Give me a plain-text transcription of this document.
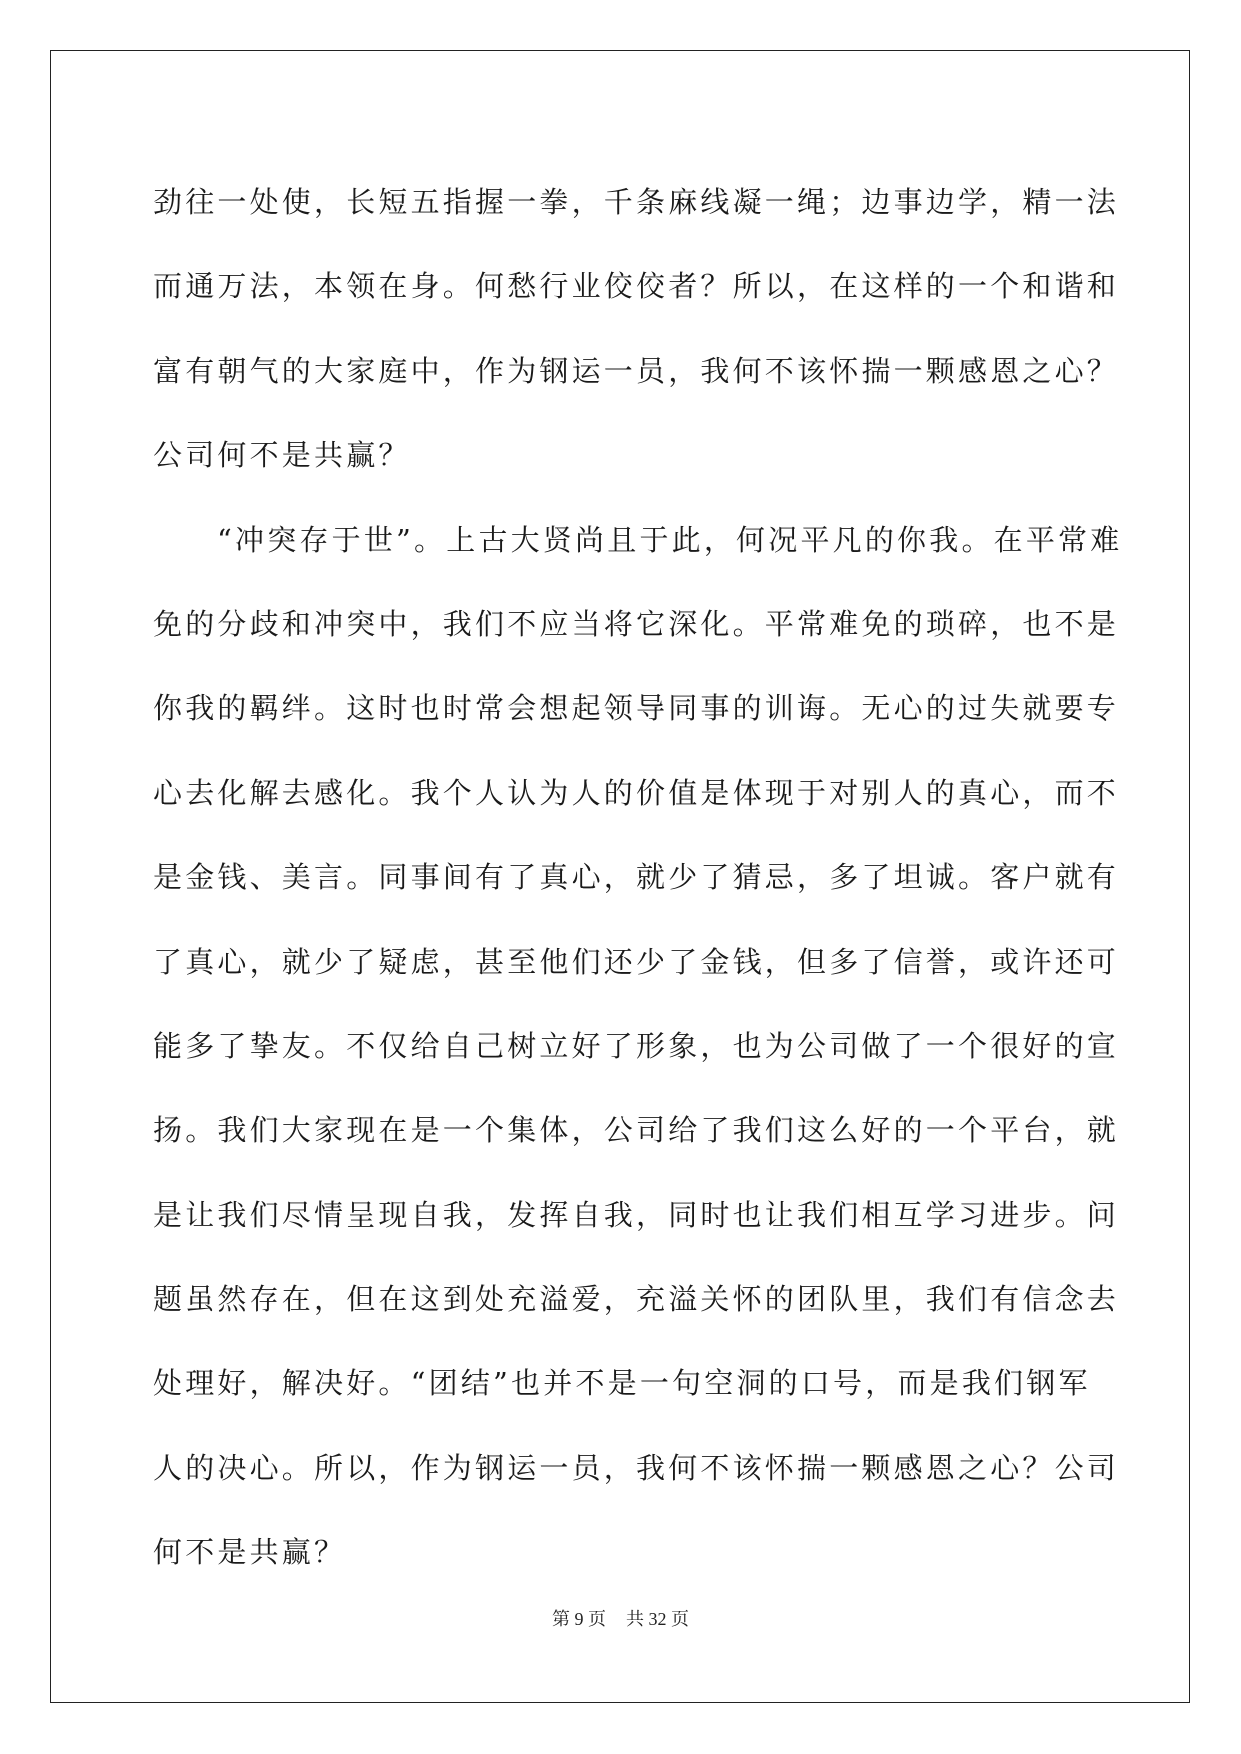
劲往一处使，长短五指握一拳，千条麻线凝一绳；边事边学，精一法
而通万法，本领在身。何愁行业佼佼者？所以，在这样的一个和谐和
富有朝气的大家庭中，作为钢运一员，我何不该怀揣一颗感恩之心？
公司何不是共赢？
“冲突存于世”。上古大贤尚且于此，何况平凡的你我。在平常难
免的分歧和冲突中，我们不应当将它深化。平常难免的琐碎，也不是
你我的羁绊。这时也时常会想起领导同事的训诲。无心的过失就要专
心去化解去感化。我个人认为人的价值是体现于对别人的真心，而不
是金钱、美言。同事间有了真心，就少了猜忌，多了坦诚。客户就有
了真心，就少了疑虑，甚至他们还少了金钱，但多了信誉，或许还可
能多了挚友。不仅给自己树立好了形象，也为公司做了一个很好的宣
扬。我们大家现在是一个集体，公司给了我们这么好的一个平台，就
是让我们尽情呈现自我，发挥自我，同时也让我们相互学习进步。问
题虽然存在，但在这到处充溢爱，充溢关怀的团队里，我们有信念去
处理好，解决好。“团结”也并不是一句空洞的口号，而是我们钢军
人的决心。所以，作为钢运一员，我何不该怀揣一颗感恩之心？公司
何不是共赢？
第 9 页 共 32 页
